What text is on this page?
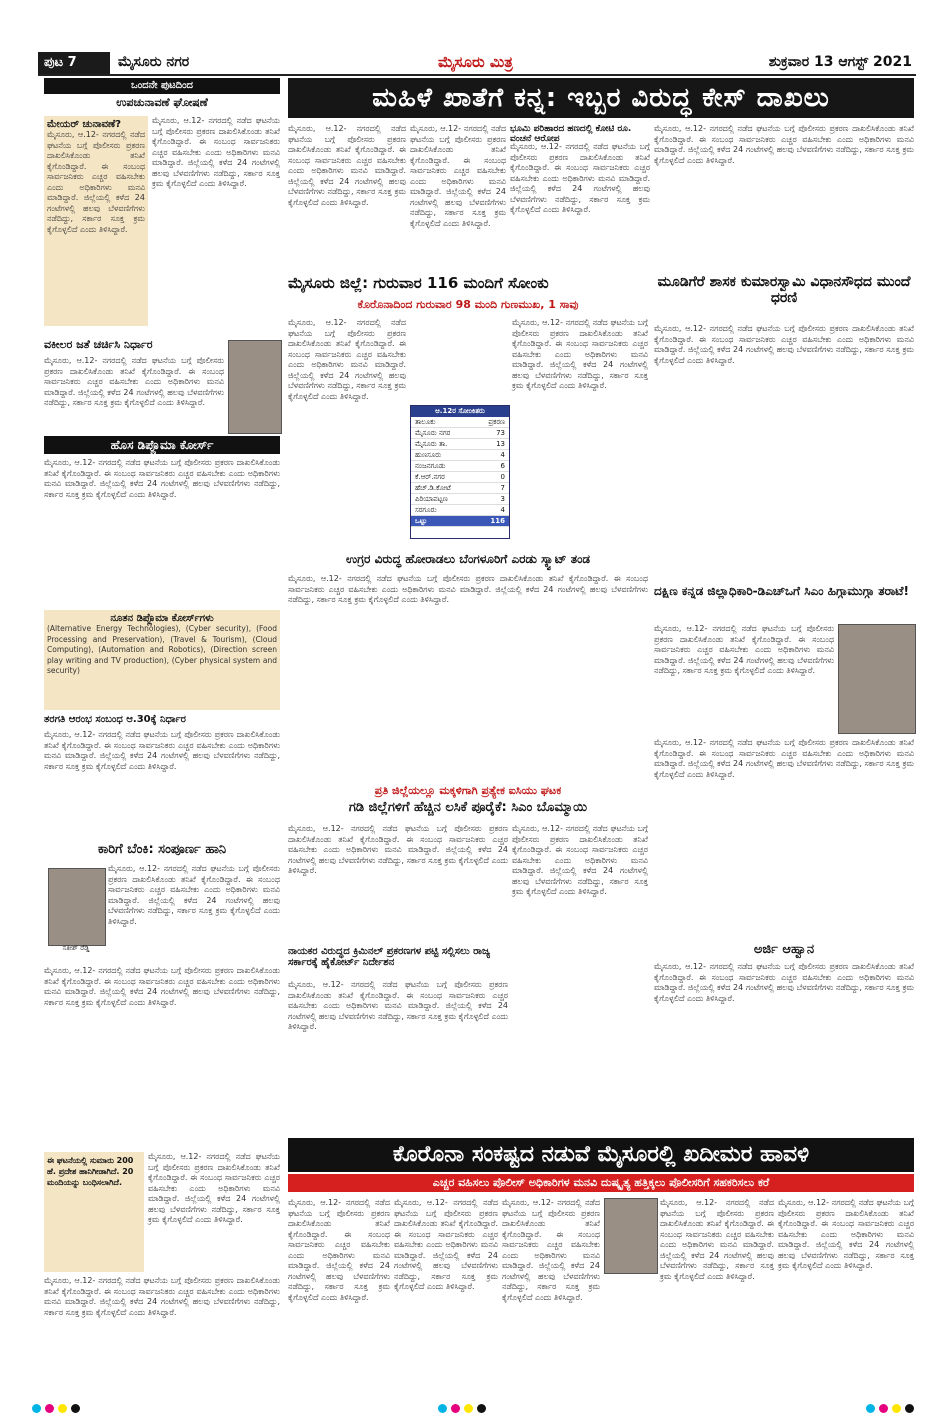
ಪುಟ 7	ಮೈಸೂರು ನಗರ	ಮೈಸೂರು ಮಿತ್ರ	ಶುಕ್ರವಾರ 13 ಆಗಸ್ಟ್ 2021
ಮಹಿಳೆ ಖಾತೆಗೆ ಕನ್ನ: ಇಬ್ಬರ ವಿರುದ್ಧ ಕೇಸ್ ದಾಖಲು
ಒಂದನೇ ಪುಟದಿಂದ
ಉಪಚುನಾವಣೆ ಘೋಷಣೆ
ಮೇಯರ್ ಚುನಾವಣೆ?
ಮೈಸೂರು, ಆ.12- ನಗರದಲ್ಲಿ ನಡೆದ ಘಟನೆಯ ಬಗ್ಗೆ ಪೊಲೀಸರು ಪ್ರಕರಣ ದಾಖಲಿಸಿಕೊಂಡು ತನಿಖೆ ಕೈಗೊಂಡಿದ್ದಾರೆ. ಈ ಸಂಬಂಧ ಸಾರ್ವಜನಿಕರು ಎಚ್ಚರ ವಹಿಸಬೇಕು ಎಂದು ಅಧಿಕಾರಿಗಳು ಮನವಿ ಮಾಡಿದ್ದಾರೆ. ಜಿಲ್ಲೆಯಲ್ಲಿ ಕಳೆದ 24 ಗಂಟೆಗಳಲ್ಲಿ ಹಲವು ಬೆಳವಣಿಗೆಗಳು ನಡೆದಿದ್ದು, ಸರ್ಕಾರ ಸೂಕ್ತ ಕ್ರಮ ಕೈಗೊಳ್ಳಲಿದೆ ಎಂದು ತಿಳಿಸಿದ್ದಾರೆ.
ಮೈಸೂರು, ಆ.12- ನಗರದಲ್ಲಿ ನಡೆದ ಘಟನೆಯ ಬಗ್ಗೆ ಪೊಲೀಸರು ಪ್ರಕರಣ ದಾಖಲಿಸಿಕೊಂಡು ತನಿಖೆ ಕೈಗೊಂಡಿದ್ದಾರೆ. ಈ ಸಂಬಂಧ ಸಾರ್ವಜನಿಕರು ಎಚ್ಚರ ವಹಿಸಬೇಕು ಎಂದು ಅಧಿಕಾರಿಗಳು ಮನವಿ ಮಾಡಿದ್ದಾರೆ. ಜಿಲ್ಲೆಯಲ್ಲಿ ಕಳೆದ 24 ಗಂಟೆಗಳಲ್ಲಿ ಹಲವು ಬೆಳವಣಿಗೆಗಳು ನಡೆದಿದ್ದು, ಸರ್ಕಾರ ಸೂಕ್ತ ಕ್ರಮ ಕೈಗೊಳ್ಳಲಿದೆ ಎಂದು ತಿಳಿಸಿದ್ದಾರೆ.
ವಕೀಲರ ಜತೆ ಚರ್ಚಿಸಿ ನಿರ್ಧಾರ
ಮೈಸೂರು, ಆ.12- ನಗರದಲ್ಲಿ ನಡೆದ ಘಟನೆಯ ಬಗ್ಗೆ ಪೊಲೀಸರು ಪ್ರಕರಣ ದಾಖಲಿಸಿಕೊಂಡು ತನಿಖೆ ಕೈಗೊಂಡಿದ್ದಾರೆ. ಈ ಸಂಬಂಧ ಸಾರ್ವಜನಿಕರು ಎಚ್ಚರ ವಹಿಸಬೇಕು ಎಂದು ಅಧಿಕಾರಿಗಳು ಮನವಿ ಮಾಡಿದ್ದಾರೆ. ಜಿಲ್ಲೆಯಲ್ಲಿ ಕಳೆದ 24 ಗಂಟೆಗಳಲ್ಲಿ ಹಲವು ಬೆಳವಣಿಗೆಗಳು ನಡೆದಿದ್ದು, ಸರ್ಕಾರ ಸೂಕ್ತ ಕ್ರಮ ಕೈಗೊಳ್ಳಲಿದೆ ಎಂದು ತಿಳಿಸಿದ್ದಾರೆ.
ಹೊಸ ಡಿಪ್ಲೊಮಾ ಕೋರ್ಸ್
ಮೈಸೂರು, ಆ.12- ನಗರದಲ್ಲಿ ನಡೆದ ಘಟನೆಯ ಬಗ್ಗೆ ಪೊಲೀಸರು ಪ್ರಕರಣ ದಾಖಲಿಸಿಕೊಂಡು ತನಿಖೆ ಕೈಗೊಂಡಿದ್ದಾರೆ. ಈ ಸಂಬಂಧ ಸಾರ್ವಜನಿಕರು ಎಚ್ಚರ ವಹಿಸಬೇಕು ಎಂದು ಅಧಿಕಾರಿಗಳು ಮನವಿ ಮಾಡಿದ್ದಾರೆ. ಜಿಲ್ಲೆಯಲ್ಲಿ ಕಳೆದ 24 ಗಂಟೆಗಳಲ್ಲಿ ಹಲವು ಬೆಳವಣಿಗೆಗಳು ನಡೆದಿದ್ದು, ಸರ್ಕಾರ ಸೂಕ್ತ ಕ್ರಮ ಕೈಗೊಳ್ಳಲಿದೆ ಎಂದು ತಿಳಿಸಿದ್ದಾರೆ.
ನೂತನ ಡಿಪ್ಲೊಮಾ ಕೋರ್ಸ್‌ಗಳು
(Alternative Energy Technologies), (Cyber security), (Food Processing and Preservation), (Travel & Tourism), (Cloud Computing), (Automation and Robotics), (Direction screen play writing and TV production), (Cyber physical system and security)
ತರಗತಿ ಆರಂಭ ಸಂಬಂಧ ಆ.30ಕ್ಕೆ ನಿರ್ಧಾರ
ಮೈಸೂರು, ಆ.12- ನಗರದಲ್ಲಿ ನಡೆದ ಘಟನೆಯ ಬಗ್ಗೆ ಪೊಲೀಸರು ಪ್ರಕರಣ ದಾಖಲಿಸಿಕೊಂಡು ತನಿಖೆ ಕೈಗೊಂಡಿದ್ದಾರೆ. ಈ ಸಂಬಂಧ ಸಾರ್ವಜನಿಕರು ಎಚ್ಚರ ವಹಿಸಬೇಕು ಎಂದು ಅಧಿಕಾರಿಗಳು ಮನವಿ ಮಾಡಿದ್ದಾರೆ. ಜಿಲ್ಲೆಯಲ್ಲಿ ಕಳೆದ 24 ಗಂಟೆಗಳಲ್ಲಿ ಹಲವು ಬೆಳವಣಿಗೆಗಳು ನಡೆದಿದ್ದು, ಸರ್ಕಾರ ಸೂಕ್ತ ಕ್ರಮ ಕೈಗೊಳ್ಳಲಿದೆ ಎಂದು ತಿಳಿಸಿದ್ದಾರೆ.
ಕಾರಿಗೆ ಬೆಂಕಿ: ಸಂಪೂರ್ಣ ಹಾನಿ
ಸತೀಶ್ ರೆಡ್ಡಿ
ಮೈಸೂರು, ಆ.12- ನಗರದಲ್ಲಿ ನಡೆದ ಘಟನೆಯ ಬಗ್ಗೆ ಪೊಲೀಸರು ಪ್ರಕರಣ ದಾಖಲಿಸಿಕೊಂಡು ತನಿಖೆ ಕೈಗೊಂಡಿದ್ದಾರೆ. ಈ ಸಂಬಂಧ ಸಾರ್ವಜನಿಕರು ಎಚ್ಚರ ವಹಿಸಬೇಕು ಎಂದು ಅಧಿಕಾರಿಗಳು ಮನವಿ ಮಾಡಿದ್ದಾರೆ. ಜಿಲ್ಲೆಯಲ್ಲಿ ಕಳೆದ 24 ಗಂಟೆಗಳಲ್ಲಿ ಹಲವು ಬೆಳವಣಿಗೆಗಳು ನಡೆದಿದ್ದು, ಸರ್ಕಾರ ಸೂಕ್ತ ಕ್ರಮ ಕೈಗೊಳ್ಳಲಿದೆ ಎಂದು ತಿಳಿಸಿದ್ದಾರೆ.
ಮೈಸೂರು, ಆ.12- ನಗರದಲ್ಲಿ ನಡೆದ ಘಟನೆಯ ಬಗ್ಗೆ ಪೊಲೀಸರು ಪ್ರಕರಣ ದಾಖಲಿಸಿಕೊಂಡು ತನಿಖೆ ಕೈಗೊಂಡಿದ್ದಾರೆ. ಈ ಸಂಬಂಧ ಸಾರ್ವಜನಿಕರು ಎಚ್ಚರ ವಹಿಸಬೇಕು ಎಂದು ಅಧಿಕಾರಿಗಳು ಮನವಿ ಮಾಡಿದ್ದಾರೆ. ಜಿಲ್ಲೆಯಲ್ಲಿ ಕಳೆದ 24 ಗಂಟೆಗಳಲ್ಲಿ ಹಲವು ಬೆಳವಣಿಗೆಗಳು ನಡೆದಿದ್ದು, ಸರ್ಕಾರ ಸೂಕ್ತ ಕ್ರಮ ಕೈಗೊಳ್ಳಲಿದೆ ಎಂದು ತಿಳಿಸಿದ್ದಾರೆ.
ಈ ಘಟನೆಯಲ್ಲಿ ಸುಮಾರು 200 ಹೆ. ಪ್ರದೇಶ ಹಾನಿಗೀಡಾಗಿದೆ. 20 ಮಂದಿಯನ್ನು ಬಂಧಿಸಲಾಗಿದೆ.
ಮೈಸೂರು, ಆ.12- ನಗರದಲ್ಲಿ ನಡೆದ ಘಟನೆಯ ಬಗ್ಗೆ ಪೊಲೀಸರು ಪ್ರಕರಣ ದಾಖಲಿಸಿಕೊಂಡು ತನಿಖೆ ಕೈಗೊಂಡಿದ್ದಾರೆ. ಈ ಸಂಬಂಧ ಸಾರ್ವಜನಿಕರು ಎಚ್ಚರ ವಹಿಸಬೇಕು ಎಂದು ಅಧಿಕಾರಿಗಳು ಮನವಿ ಮಾಡಿದ್ದಾರೆ. ಜಿಲ್ಲೆಯಲ್ಲಿ ಕಳೆದ 24 ಗಂಟೆಗಳಲ್ಲಿ ಹಲವು ಬೆಳವಣಿಗೆಗಳು ನಡೆದಿದ್ದು, ಸರ್ಕಾರ ಸೂಕ್ತ ಕ್ರಮ ಕೈಗೊಳ್ಳಲಿದೆ ಎಂದು ತಿಳಿಸಿದ್ದಾರೆ.
ಮೈಸೂರು, ಆ.12- ನಗರದಲ್ಲಿ ನಡೆದ ಘಟನೆಯ ಬಗ್ಗೆ ಪೊಲೀಸರು ಪ್ರಕರಣ ದಾಖಲಿಸಿಕೊಂಡು ತನಿಖೆ ಕೈಗೊಂಡಿದ್ದಾರೆ. ಈ ಸಂಬಂಧ ಸಾರ್ವಜನಿಕರು ಎಚ್ಚರ ವಹಿಸಬೇಕು ಎಂದು ಅಧಿಕಾರಿಗಳು ಮನವಿ ಮಾಡಿದ್ದಾರೆ. ಜಿಲ್ಲೆಯಲ್ಲಿ ಕಳೆದ 24 ಗಂಟೆಗಳಲ್ಲಿ ಹಲವು ಬೆಳವಣಿಗೆಗಳು ನಡೆದಿದ್ದು, ಸರ್ಕಾರ ಸೂಕ್ತ ಕ್ರಮ ಕೈಗೊಳ್ಳಲಿದೆ ಎಂದು ತಿಳಿಸಿದ್ದಾರೆ.
ಮೈಸೂರು, ಆ.12- ನಗರದಲ್ಲಿ ನಡೆದ ಘಟನೆಯ ಬಗ್ಗೆ ಪೊಲೀಸರು ಪ್ರಕರಣ ದಾಖಲಿಸಿಕೊಂಡು ತನಿಖೆ ಕೈಗೊಂಡಿದ್ದಾರೆ. ಈ ಸಂಬಂಧ ಸಾರ್ವಜನಿಕರು ಎಚ್ಚರ ವಹಿಸಬೇಕು ಎಂದು ಅಧಿಕಾರಿಗಳು ಮನವಿ ಮಾಡಿದ್ದಾರೆ. ಜಿಲ್ಲೆಯಲ್ಲಿ ಕಳೆದ 24 ಗಂಟೆಗಳಲ್ಲಿ ಹಲವು ಬೆಳವಣಿಗೆಗಳು ನಡೆದಿದ್ದು, ಸರ್ಕಾರ ಸೂಕ್ತ ಕ್ರಮ ಕೈಗೊಳ್ಳಲಿದೆ ಎಂದು ತಿಳಿಸಿದ್ದಾರೆ.
ಮೈಸೂರು, ಆ.12- ನಗರದಲ್ಲಿ ನಡೆದ ಘಟನೆಯ ಬಗ್ಗೆ ಪೊಲೀಸರು ಪ್ರಕರಣ ದಾಖಲಿಸಿಕೊಂಡು ತನಿಖೆ ಕೈಗೊಂಡಿದ್ದಾರೆ. ಈ ಸಂಬಂಧ ಸಾರ್ವಜನಿಕರು ಎಚ್ಚರ ವಹಿಸಬೇಕು ಎಂದು ಅಧಿಕಾರಿಗಳು ಮನವಿ ಮಾಡಿದ್ದಾರೆ. ಜಿಲ್ಲೆಯಲ್ಲಿ ಕಳೆದ 24 ಗಂಟೆಗಳಲ್ಲಿ ಹಲವು ಬೆಳವಣಿಗೆಗಳು ನಡೆದಿದ್ದು, ಸರ್ಕಾರ ಸೂಕ್ತ ಕ್ರಮ ಕೈಗೊಳ್ಳಲಿದೆ ಎಂದು ತಿಳಿಸಿದ್ದಾರೆ.
ಭೂಮಿ ಪರಿಹಾರದ ಹಣದಲ್ಲಿ ಕೋಟಿ ರೂ. ವಂಚನೆ ಆರೋಪ
ಮೈಸೂರು, ಆ.12- ನಗರದಲ್ಲಿ ನಡೆದ ಘಟನೆಯ ಬಗ್ಗೆ ಪೊಲೀಸರು ಪ್ರಕರಣ ದಾಖಲಿಸಿಕೊಂಡು ತನಿಖೆ ಕೈಗೊಂಡಿದ್ದಾರೆ. ಈ ಸಂಬಂಧ ಸಾರ್ವಜನಿಕರು ಎಚ್ಚರ ವಹಿಸಬೇಕು ಎಂದು ಅಧಿಕಾರಿಗಳು ಮನವಿ ಮಾಡಿದ್ದಾರೆ. ಜಿಲ್ಲೆಯಲ್ಲಿ ಕಳೆದ 24 ಗಂಟೆಗಳಲ್ಲಿ ಹಲವು ಬೆಳವಣಿಗೆಗಳು ನಡೆದಿದ್ದು, ಸರ್ಕಾರ ಸೂಕ್ತ ಕ್ರಮ ಕೈಗೊಳ್ಳಲಿದೆ ಎಂದು ತಿಳಿಸಿದ್ದಾರೆ.
ಮೈಸೂರು, ಆ.12- ನಗರದಲ್ಲಿ ನಡೆದ ಘಟನೆಯ ಬಗ್ಗೆ ಪೊಲೀಸರು ಪ್ರಕರಣ ದಾಖಲಿಸಿಕೊಂಡು ತನಿಖೆ ಕೈಗೊಂಡಿದ್ದಾರೆ. ಈ ಸಂಬಂಧ ಸಾರ್ವಜನಿಕರು ಎಚ್ಚರ ವಹಿಸಬೇಕು ಎಂದು ಅಧಿಕಾರಿಗಳು ಮನವಿ ಮಾಡಿದ್ದಾರೆ. ಜಿಲ್ಲೆಯಲ್ಲಿ ಕಳೆದ 24 ಗಂಟೆಗಳಲ್ಲಿ ಹಲವು ಬೆಳವಣಿಗೆಗಳು ನಡೆದಿದ್ದು, ಸರ್ಕಾರ ಸೂಕ್ತ ಕ್ರಮ ಕೈಗೊಳ್ಳಲಿದೆ ಎಂದು ತಿಳಿಸಿದ್ದಾರೆ.
ಮೈಸೂರು ಜಿಲ್ಲೆ: ಗುರುವಾರ 116 ಮಂದಿಗೆ ಸೋಂಕು
ಕೊರೊನಾದಿಂದ ಗುರುವಾರ 98 ಮಂದಿ ಗುಣಮುಖ, 1 ಸಾವು
ಮೈಸೂರು, ಆ.12- ನಗರದಲ್ಲಿ ನಡೆದ ಘಟನೆಯ ಬಗ್ಗೆ ಪೊಲೀಸರು ಪ್ರಕರಣ ದಾಖಲಿಸಿಕೊಂಡು ತನಿಖೆ ಕೈಗೊಂಡಿದ್ದಾರೆ. ಈ ಸಂಬಂಧ ಸಾರ್ವಜನಿಕರು ಎಚ್ಚರ ವಹಿಸಬೇಕು ಎಂದು ಅಧಿಕಾರಿಗಳು ಮನವಿ ಮಾಡಿದ್ದಾರೆ. ಜಿಲ್ಲೆಯಲ್ಲಿ ಕಳೆದ 24 ಗಂಟೆಗಳಲ್ಲಿ ಹಲವು ಬೆಳವಣಿಗೆಗಳು ನಡೆದಿದ್ದು, ಸರ್ಕಾರ ಸೂಕ್ತ ಕ್ರಮ ಕೈಗೊಳ್ಳಲಿದೆ ಎಂದು ತಿಳಿಸಿದ್ದಾರೆ.
ಆ.12ರ ಸೋಂಕಿತರು
ತಾಲೂಕು	ಪ್ರಕರಣ
ಮೈಸೂರು ನಗರ	73
ಮೈಸೂರು ತಾ.	13
ಹುಣಸೂರು	4
ನಂಜನಗೂಡು	6
ಕೆ.ಆರ್.ನಗರ	0
ಹೆಚ್.ಡಿ.ಕೋಟೆ	7
ಪಿರಿಯಾಪಟ್ಟಣ	3
ಸರಗೂರು	4
ಒಟ್ಟು	116
ಮೈಸೂರು, ಆ.12- ನಗರದಲ್ಲಿ ನಡೆದ ಘಟನೆಯ ಬಗ್ಗೆ ಪೊಲೀಸರು ಪ್ರಕರಣ ದಾಖಲಿಸಿಕೊಂಡು ತನಿಖೆ ಕೈಗೊಂಡಿದ್ದಾರೆ. ಈ ಸಂಬಂಧ ಸಾರ್ವಜನಿಕರು ಎಚ್ಚರ ವಹಿಸಬೇಕು ಎಂದು ಅಧಿಕಾರಿಗಳು ಮನವಿ ಮಾಡಿದ್ದಾರೆ. ಜಿಲ್ಲೆಯಲ್ಲಿ ಕಳೆದ 24 ಗಂಟೆಗಳಲ್ಲಿ ಹಲವು ಬೆಳವಣಿಗೆಗಳು ನಡೆದಿದ್ದು, ಸರ್ಕಾರ ಸೂಕ್ತ ಕ್ರಮ ಕೈಗೊಳ್ಳಲಿದೆ ಎಂದು ತಿಳಿಸಿದ್ದಾರೆ.
ಉಗ್ರರ ವಿರುದ್ಧ ಹೋರಾಡಲು ಬೆಂಗಳೂರಿಗೆ ಎರಡು ಸ್ಕ್ವಾಟ್ ತಂಡ
ಮೈಸೂರು, ಆ.12- ನಗರದಲ್ಲಿ ನಡೆದ ಘಟನೆಯ ಬಗ್ಗೆ ಪೊಲೀಸರು ಪ್ರಕರಣ ದಾಖಲಿಸಿಕೊಂಡು ತನಿಖೆ ಕೈಗೊಂಡಿದ್ದಾರೆ. ಈ ಸಂಬಂಧ ಸಾರ್ವಜನಿಕರು ಎಚ್ಚರ ವಹಿಸಬೇಕು ಎಂದು ಅಧಿಕಾರಿಗಳು ಮನವಿ ಮಾಡಿದ್ದಾರೆ. ಜಿಲ್ಲೆಯಲ್ಲಿ ಕಳೆದ 24 ಗಂಟೆಗಳಲ್ಲಿ ಹಲವು ಬೆಳವಣಿಗೆಗಳು ನಡೆದಿದ್ದು, ಸರ್ಕಾರ ಸೂಕ್ತ ಕ್ರಮ ಕೈಗೊಳ್ಳಲಿದೆ ಎಂದು ತಿಳಿಸಿದ್ದಾರೆ.
ಪ್ರತಿ ಜಿಲ್ಲೆಯಲ್ಲೂ ಮಕ್ಕಳಿಗಾಗಿ ಪ್ರತ್ಯೇಕ ಐಸಿಯು ಘಟಕ
ಗಡಿ ಜಿಲ್ಲೆಗಳಿಗೆ ಹೆಚ್ಚಿನ ಲಸಿಕೆ ಪೂರೈಕೆ: ಸಿಎಂ ಬೊಮ್ಮಾಯಿ
ಮೈಸೂರು, ಆ.12- ನಗರದಲ್ಲಿ ನಡೆದ ಘಟನೆಯ ಬಗ್ಗೆ ಪೊಲೀಸರು ಪ್ರಕರಣ ದಾಖಲಿಸಿಕೊಂಡು ತನಿಖೆ ಕೈಗೊಂಡಿದ್ದಾರೆ. ಈ ಸಂಬಂಧ ಸಾರ್ವಜನಿಕರು ಎಚ್ಚರ ವಹಿಸಬೇಕು ಎಂದು ಅಧಿಕಾರಿಗಳು ಮನವಿ ಮಾಡಿದ್ದಾರೆ. ಜಿಲ್ಲೆಯಲ್ಲಿ ಕಳೆದ 24 ಗಂಟೆಗಳಲ್ಲಿ ಹಲವು ಬೆಳವಣಿಗೆಗಳು ನಡೆದಿದ್ದು, ಸರ್ಕಾರ ಸೂಕ್ತ ಕ್ರಮ ಕೈಗೊಳ್ಳಲಿದೆ ಎಂದು ತಿಳಿಸಿದ್ದಾರೆ.
ಮೈಸೂರು, ಆ.12- ನಗರದಲ್ಲಿ ನಡೆದ ಘಟನೆಯ ಬಗ್ಗೆ ಪೊಲೀಸರು ಪ್ರಕರಣ ದಾಖಲಿಸಿಕೊಂಡು ತನಿಖೆ ಕೈಗೊಂಡಿದ್ದಾರೆ. ಈ ಸಂಬಂಧ ಸಾರ್ವಜನಿಕರು ಎಚ್ಚರ ವಹಿಸಬೇಕು ಎಂದು ಅಧಿಕಾರಿಗಳು ಮನವಿ ಮಾಡಿದ್ದಾರೆ. ಜಿಲ್ಲೆಯಲ್ಲಿ ಕಳೆದ 24 ಗಂಟೆಗಳಲ್ಲಿ ಹಲವು ಬೆಳವಣಿಗೆಗಳು ನಡೆದಿದ್ದು, ಸರ್ಕಾರ ಸೂಕ್ತ ಕ್ರಮ ಕೈಗೊಳ್ಳಲಿದೆ ಎಂದು ತಿಳಿಸಿದ್ದಾರೆ.
ನಾಯಕರ ವಿರುದ್ಧದ ಕ್ರಿಮಿನಲ್ ಪ್ರಕರಣಗಳ ಪಟ್ಟಿ ಸಲ್ಲಿಸಲು ರಾಜ್ಯ ಸರ್ಕಾರಕ್ಕೆ ಹೈಕೋರ್ಟ್ ನಿರ್ದೇಶನ
ಮೈಸೂರು, ಆ.12- ನಗರದಲ್ಲಿ ನಡೆದ ಘಟನೆಯ ಬಗ್ಗೆ ಪೊಲೀಸರು ಪ್ರಕರಣ ದಾಖಲಿಸಿಕೊಂಡು ತನಿಖೆ ಕೈಗೊಂಡಿದ್ದಾರೆ. ಈ ಸಂಬಂಧ ಸಾರ್ವಜನಿಕರು ಎಚ್ಚರ ವಹಿಸಬೇಕು ಎಂದು ಅಧಿಕಾರಿಗಳು ಮನವಿ ಮಾಡಿದ್ದಾರೆ. ಜಿಲ್ಲೆಯಲ್ಲಿ ಕಳೆದ 24 ಗಂಟೆಗಳಲ್ಲಿ ಹಲವು ಬೆಳವಣಿಗೆಗಳು ನಡೆದಿದ್ದು, ಸರ್ಕಾರ ಸೂಕ್ತ ಕ್ರಮ ಕೈಗೊಳ್ಳಲಿದೆ ಎಂದು ತಿಳಿಸಿದ್ದಾರೆ.
ಮೂಡಿಗೆರೆ ಶಾಸಕ ಕುಮಾರಸ್ವಾಮಿ ವಿಧಾನಸೌಧದ ಮುಂದೆ ಧರಣಿ
ಮೈಸೂರು, ಆ.12- ನಗರದಲ್ಲಿ ನಡೆದ ಘಟನೆಯ ಬಗ್ಗೆ ಪೊಲೀಸರು ಪ್ರಕರಣ ದಾಖಲಿಸಿಕೊಂಡು ತನಿಖೆ ಕೈಗೊಂಡಿದ್ದಾರೆ. ಈ ಸಂಬಂಧ ಸಾರ್ವಜನಿಕರು ಎಚ್ಚರ ವಹಿಸಬೇಕು ಎಂದು ಅಧಿಕಾರಿಗಳು ಮನವಿ ಮಾಡಿದ್ದಾರೆ. ಜಿಲ್ಲೆಯಲ್ಲಿ ಕಳೆದ 24 ಗಂಟೆಗಳಲ್ಲಿ ಹಲವು ಬೆಳವಣಿಗೆಗಳು ನಡೆದಿದ್ದು, ಸರ್ಕಾರ ಸೂಕ್ತ ಕ್ರಮ ಕೈಗೊಳ್ಳಲಿದೆ ಎಂದು ತಿಳಿಸಿದ್ದಾರೆ.
ದಕ್ಷಿಣ ಕನ್ನಡ ಜಿಲ್ಲಾಧಿಕಾರಿ-ಡಿಎಚ್‌ಒಗೆ ಸಿಎಂ ಹಿಗ್ಗಾಮುಗ್ಗಾ ತರಾಟೆ!
ಮೈಸೂರು, ಆ.12- ನಗರದಲ್ಲಿ ನಡೆದ ಘಟನೆಯ ಬಗ್ಗೆ ಪೊಲೀಸರು ಪ್ರಕರಣ ದಾಖಲಿಸಿಕೊಂಡು ತನಿಖೆ ಕೈಗೊಂಡಿದ್ದಾರೆ. ಈ ಸಂಬಂಧ ಸಾರ್ವಜನಿಕರು ಎಚ್ಚರ ವಹಿಸಬೇಕು ಎಂದು ಅಧಿಕಾರಿಗಳು ಮನವಿ ಮಾಡಿದ್ದಾರೆ. ಜಿಲ್ಲೆಯಲ್ಲಿ ಕಳೆದ 24 ಗಂಟೆಗಳಲ್ಲಿ ಹಲವು ಬೆಳವಣಿಗೆಗಳು ನಡೆದಿದ್ದು, ಸರ್ಕಾರ ಸೂಕ್ತ ಕ್ರಮ ಕೈಗೊಳ್ಳಲಿದೆ ಎಂದು ತಿಳಿಸಿದ್ದಾರೆ.
ಮೈಸೂರು, ಆ.12- ನಗರದಲ್ಲಿ ನಡೆದ ಘಟನೆಯ ಬಗ್ಗೆ ಪೊಲೀಸರು ಪ್ರಕರಣ ದಾಖಲಿಸಿಕೊಂಡು ತನಿಖೆ ಕೈಗೊಂಡಿದ್ದಾರೆ. ಈ ಸಂಬಂಧ ಸಾರ್ವಜನಿಕರು ಎಚ್ಚರ ವಹಿಸಬೇಕು ಎಂದು ಅಧಿಕಾರಿಗಳು ಮನವಿ ಮಾಡಿದ್ದಾರೆ. ಜಿಲ್ಲೆಯಲ್ಲಿ ಕಳೆದ 24 ಗಂಟೆಗಳಲ್ಲಿ ಹಲವು ಬೆಳವಣಿಗೆಗಳು ನಡೆದಿದ್ದು, ಸರ್ಕಾರ ಸೂಕ್ತ ಕ್ರಮ ಕೈಗೊಳ್ಳಲಿದೆ ಎಂದು ತಿಳಿಸಿದ್ದಾರೆ.
ಅರ್ಜಿ ಆಹ್ವಾನ
ಮೈಸೂರು, ಆ.12- ನಗರದಲ್ಲಿ ನಡೆದ ಘಟನೆಯ ಬಗ್ಗೆ ಪೊಲೀಸರು ಪ್ರಕರಣ ದಾಖಲಿಸಿಕೊಂಡು ತನಿಖೆ ಕೈಗೊಂಡಿದ್ದಾರೆ. ಈ ಸಂಬಂಧ ಸಾರ್ವಜನಿಕರು ಎಚ್ಚರ ವಹಿಸಬೇಕು ಎಂದು ಅಧಿಕಾರಿಗಳು ಮನವಿ ಮಾಡಿದ್ದಾರೆ. ಜಿಲ್ಲೆಯಲ್ಲಿ ಕಳೆದ 24 ಗಂಟೆಗಳಲ್ಲಿ ಹಲವು ಬೆಳವಣಿಗೆಗಳು ನಡೆದಿದ್ದು, ಸರ್ಕಾರ ಸೂಕ್ತ ಕ್ರಮ ಕೈಗೊಳ್ಳಲಿದೆ ಎಂದು ತಿಳಿಸಿದ್ದಾರೆ.
ಕೊರೊನಾ ಸಂಕಷ್ಟದ ನಡುವೆ ಮೈಸೂರಲ್ಲಿ ಖದೀಮರ ಹಾವಳಿ
ಎಚ್ಚರ ವಹಿಸಲು ಪೊಲೀಸ್ ಅಧಿಕಾರಿಗಳ ಮನವಿ ದುಷ್ಕೃತ್ಯ ಹತ್ತಿಕ್ಕಲು ಪೊಲೀಸರಿಗೆ ಸಹಕರಿಸಲು ಕರೆ
ಮೈಸೂರು, ಆ.12- ನಗರದಲ್ಲಿ ನಡೆದ ಘಟನೆಯ ಬಗ್ಗೆ ಪೊಲೀಸರು ಪ್ರಕರಣ ದಾಖಲಿಸಿಕೊಂಡು ತನಿಖೆ ಕೈಗೊಂಡಿದ್ದಾರೆ. ಈ ಸಂಬಂಧ ಸಾರ್ವಜನಿಕರು ಎಚ್ಚರ ವಹಿಸಬೇಕು ಎಂದು ಅಧಿಕಾರಿಗಳು ಮನವಿ ಮಾಡಿದ್ದಾರೆ. ಜಿಲ್ಲೆಯಲ್ಲಿ ಕಳೆದ 24 ಗಂಟೆಗಳಲ್ಲಿ ಹಲವು ಬೆಳವಣಿಗೆಗಳು ನಡೆದಿದ್ದು, ಸರ್ಕಾರ ಸೂಕ್ತ ಕ್ರಮ ಕೈಗೊಳ್ಳಲಿದೆ ಎಂದು ತಿಳಿಸಿದ್ದಾರೆ.
ಮೈಸೂರು, ಆ.12- ನಗರದಲ್ಲಿ ನಡೆದ ಘಟನೆಯ ಬಗ್ಗೆ ಪೊಲೀಸರು ಪ್ರಕರಣ ದಾಖಲಿಸಿಕೊಂಡು ತನಿಖೆ ಕೈಗೊಂಡಿದ್ದಾರೆ. ಈ ಸಂಬಂಧ ಸಾರ್ವಜನಿಕರು ಎಚ್ಚರ ವಹಿಸಬೇಕು ಎಂದು ಅಧಿಕಾರಿಗಳು ಮನವಿ ಮಾಡಿದ್ದಾರೆ. ಜಿಲ್ಲೆಯಲ್ಲಿ ಕಳೆದ 24 ಗಂಟೆಗಳಲ್ಲಿ ಹಲವು ಬೆಳವಣಿಗೆಗಳು ನಡೆದಿದ್ದು, ಸರ್ಕಾರ ಸೂಕ್ತ ಕ್ರಮ ಕೈಗೊಳ್ಳಲಿದೆ ಎಂದು ತಿಳಿಸಿದ್ದಾರೆ.
ಮೈಸೂರು, ಆ.12- ನಗರದಲ್ಲಿ ನಡೆದ ಘಟನೆಯ ಬಗ್ಗೆ ಪೊಲೀಸರು ಪ್ರಕರಣ ದಾಖಲಿಸಿಕೊಂಡು ತನಿಖೆ ಕೈಗೊಂಡಿದ್ದಾರೆ. ಈ ಸಂಬಂಧ ಸಾರ್ವಜನಿಕರು ಎಚ್ಚರ ವಹಿಸಬೇಕು ಎಂದು ಅಧಿಕಾರಿಗಳು ಮನವಿ ಮಾಡಿದ್ದಾರೆ. ಜಿಲ್ಲೆಯಲ್ಲಿ ಕಳೆದ 24 ಗಂಟೆಗಳಲ್ಲಿ ಹಲವು ಬೆಳವಣಿಗೆಗಳು ನಡೆದಿದ್ದು, ಸರ್ಕಾರ ಸೂಕ್ತ ಕ್ರಮ ಕೈಗೊಳ್ಳಲಿದೆ ಎಂದು ತಿಳಿಸಿದ್ದಾರೆ.
ಮೈಸೂರು, ಆ.12- ನಗರದಲ್ಲಿ ನಡೆದ ಘಟನೆಯ ಬಗ್ಗೆ ಪೊಲೀಸರು ಪ್ರಕರಣ ದಾಖಲಿಸಿಕೊಂಡು ತನಿಖೆ ಕೈಗೊಂಡಿದ್ದಾರೆ. ಈ ಸಂಬಂಧ ಸಾರ್ವಜನಿಕರು ಎಚ್ಚರ ವಹಿಸಬೇಕು ಎಂದು ಅಧಿಕಾರಿಗಳು ಮನವಿ ಮಾಡಿದ್ದಾರೆ. ಜಿಲ್ಲೆಯಲ್ಲಿ ಕಳೆದ 24 ಗಂಟೆಗಳಲ್ಲಿ ಹಲವು ಬೆಳವಣಿಗೆಗಳು ನಡೆದಿದ್ದು, ಸರ್ಕಾರ ಸೂಕ್ತ ಕ್ರಮ ಕೈಗೊಳ್ಳಲಿದೆ ಎಂದು ತಿಳಿಸಿದ್ದಾರೆ.
ಮೈಸೂರು, ಆ.12- ನಗರದಲ್ಲಿ ನಡೆದ ಘಟನೆಯ ಬಗ್ಗೆ ಪೊಲೀಸರು ಪ್ರಕರಣ ದಾಖಲಿಸಿಕೊಂಡು ತನಿಖೆ ಕೈಗೊಂಡಿದ್ದಾರೆ. ಈ ಸಂಬಂಧ ಸಾರ್ವಜನಿಕರು ಎಚ್ಚರ ವಹಿಸಬೇಕು ಎಂದು ಅಧಿಕಾರಿಗಳು ಮನವಿ ಮಾಡಿದ್ದಾರೆ. ಜಿಲ್ಲೆಯಲ್ಲಿ ಕಳೆದ 24 ಗಂಟೆಗಳಲ್ಲಿ ಹಲವು ಬೆಳವಣಿಗೆಗಳು ನಡೆದಿದ್ದು, ಸರ್ಕಾರ ಸೂಕ್ತ ಕ್ರಮ ಕೈಗೊಳ್ಳಲಿದೆ ಎಂದು ತಿಳಿಸಿದ್ದಾರೆ.
